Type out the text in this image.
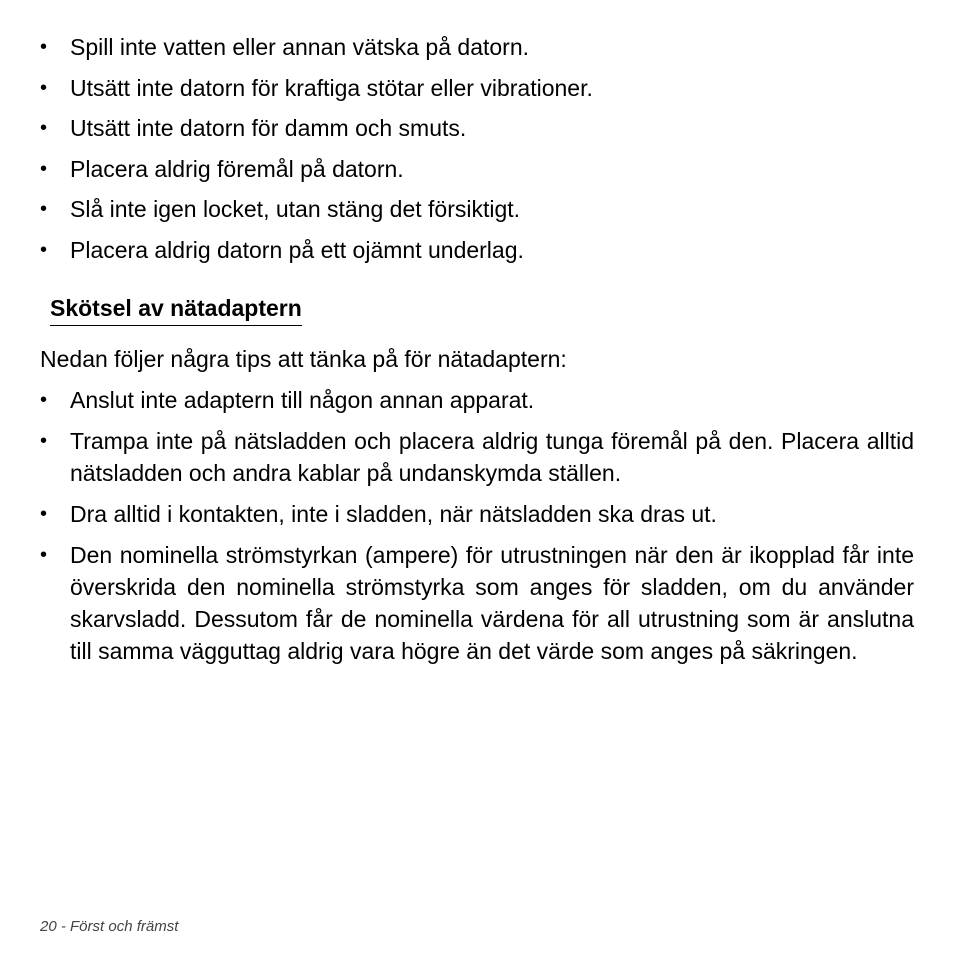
• Spill inte vatten eller annan vätska på datorn.
• Utsätt inte datorn för kraftiga stötar eller vibrationer.
• Utsätt inte datorn för damm och smuts.
• Placera aldrig föremål på datorn.
• Slå inte igen locket, utan stäng det försiktigt.
• Placera aldrig datorn på ett ojämnt underlag.
Skötsel av nätadaptern

Nedan följer några tips att tänka på för nätadaptern:

• Anslut inte adaptern till någon annan apparat.
• Trampa inte på nätsladden och placera aldrig tunga föremål på den. Placera alltid nätsladden och andra kablar på undanskymda ställen.
• Dra alltid i kontakten, inte i sladden, när nätsladden ska dras ut.
• Den nominella strömstyrkan (ampere) för utrustningen när den är ikopplad får inte överskrida den nominella strömstyrka som anges för sladden, om du använder skarvsladd. Dessutom får de nominella värdena för all utrustning som är anslutna till samma vägguttag aldrig vara högre än det värde som anges på säkringen.

20 - Först och främst
